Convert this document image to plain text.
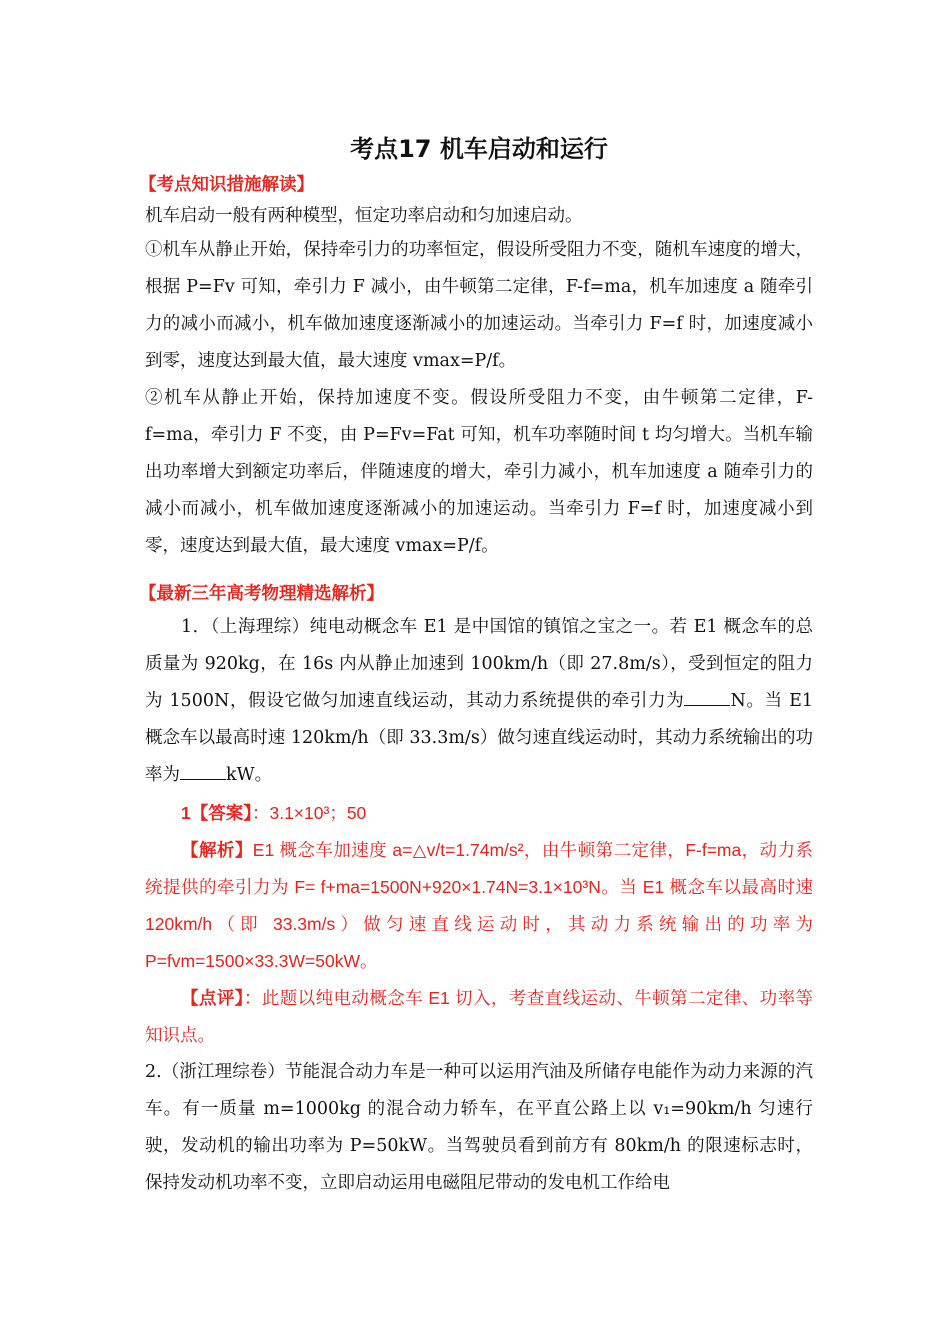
考点17 机车启动和运行
【考点知识措施解读】

机车启动一般有两种模型，恒定功率启动和匀加速启动。

①机车从静止开始，保持牵引力的功率恒定，假设所受阻力不变，随机车速度的增大，根据 P=Fv 可知，牵引力 F 减小，由牛顿第二定律，F-f=ma，机车加速度 a 随牵引力的减小而减小，机车做加速度逐渐减小的加速运动。当牵引力 F=f 时，加速度减小到零，速度达到最大值，最大速度 vmax=P/f。

②机车从静止开始，保持加速度不变。假设所受阻力不变，由牛顿第二定律，F-f=ma，牵引力 F 不变，由 P=Fv=Fat 可知，机车功率随时间 t 均匀增大。当机车输出功率增大到额定功率后，伴随速度的增大，牵引力减小，机车加速度 a 随牵引力的减小而减小，机车做加速度逐渐减小的加速运动。当牵引力 F=f 时，加速度减小到零，速度达到最大值，最大速度 vmax=P/f。

【最新三年高考物理精选解析】

1．（上海理综）纯电动概念车 E1 是中国馆的镇馆之宝之一。若 E1 概念车的总质量为 920kg，在 16s 内从静止加速到 100km/h（即 27.8m/s），受到恒定的阻力为 1500N，假设它做匀加速直线运动，其动力系统提供的牵引力为	N。当 E1 概念车以最高时速 120km/h（即 33.3m/s）做匀速直线运动时，其动力系统输出的功率为	kW。

1【答案】：3.1×10³；50

【解析】E1 概念车加速度 a=△v/t=1.74m/s²，由牛顿第二定律，F-f=ma，动力系统提供的牵引力为 F= f+ma=1500N+920×1.74N=3.1×10³N。当 E1 概念车以最高时速 120km/h（即 33.3m/s）做匀速直线运动时，其动力系统输出的功率为 P=fvm=1500×33.3W=50kW。

【点评】：此题以纯电动概念车 E1 切入，考查直线运动、牛顿第二定律、功率等知识点。

2.（浙江理综卷）节能混合动力车是一种可以运用汽油及所储存电能作为动力来源的汽车。有一质量 m=1000kg 的混合动力轿车，在平直公路上以 v₁=90km/h 匀速行驶，发动机的输出功率为 P=50kW。当驾驶员看到前方有 80km/h 的限速标志时，保持发动机功率不变，立即启动运用电磁阻尼带动的发电机工作给电
